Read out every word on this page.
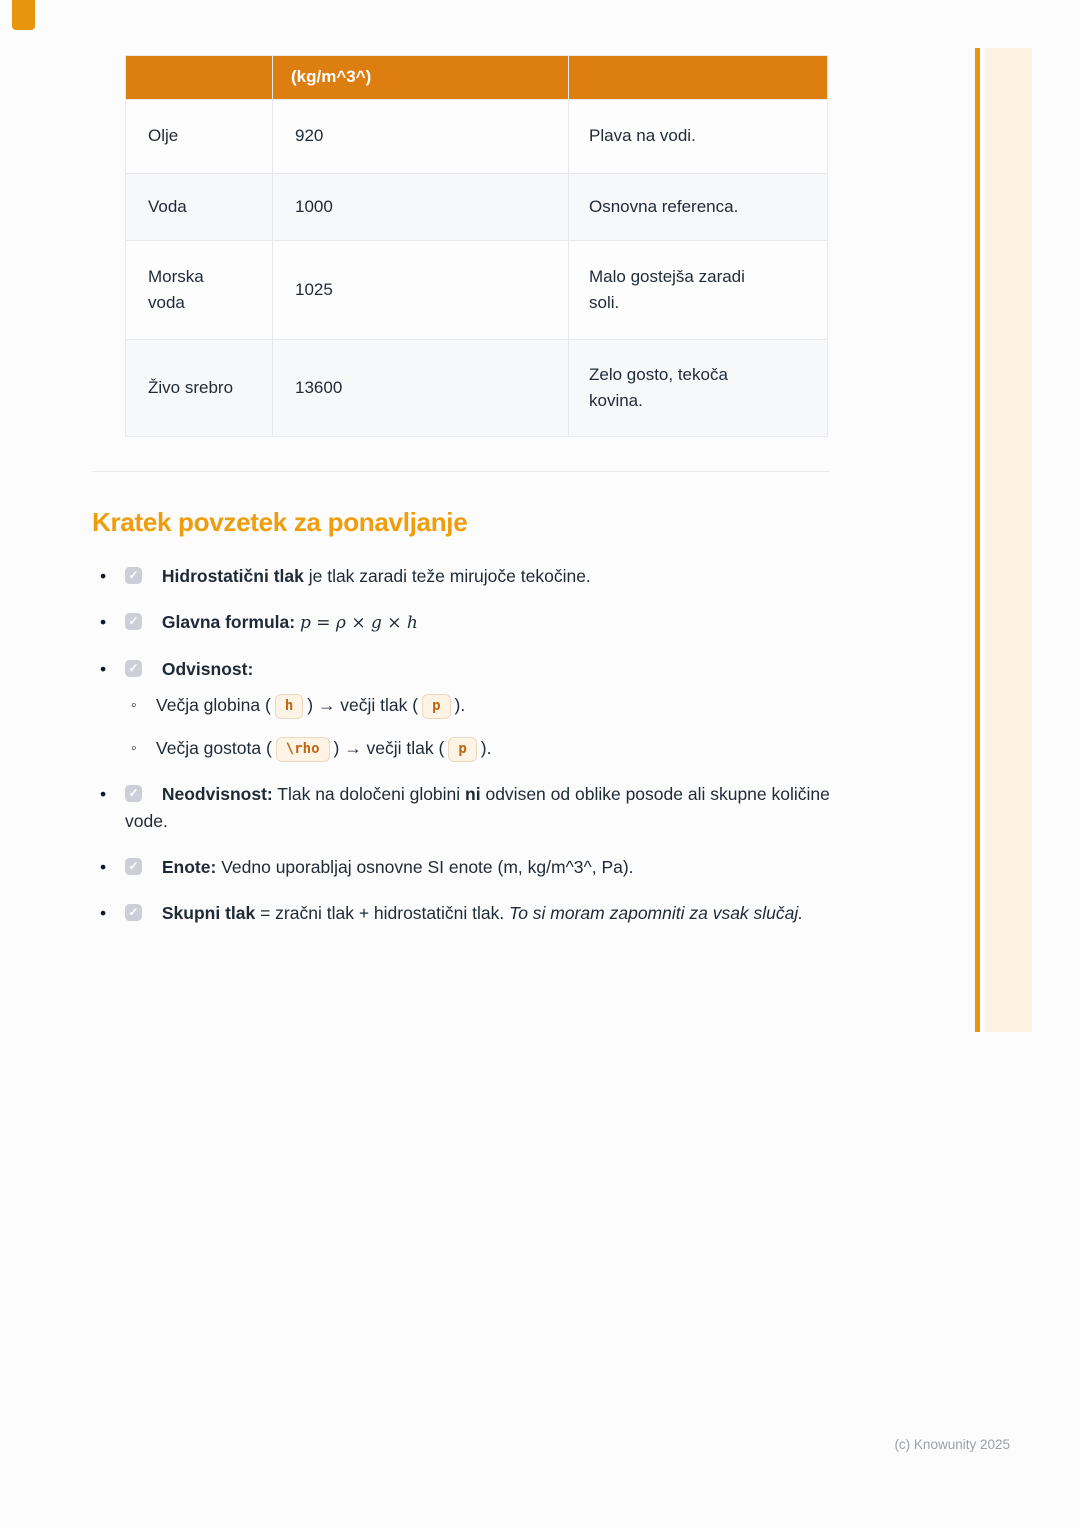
	(kg/m^3^)	
Olje	920	Plava na vodi.
Voda	1000	Osnovna referenca.
Morska voda	1025	Malo gostejša zaradi soli.
Živo srebro	13600	Zelo gosto, tekoča kovina.
Kratek povzetek za ponavljanje
•
✓ Hidrostatični tlak je tlak zaradi teže mirujoče tekočine.
•
✓ Glavna formula: p = ρ × g × h
•
✓ Odvisnost:
◦
Večja globina ( h ) → večji tlak ( p ).
◦
Večja gostota ( \rho ) → večji tlak ( p ).
•
✓ Neodvisnost: Tlak na določeni globini ni odvisen od oblike posode ali skupne količine vode.
•
✓ Enote: Vedno uporabljaj osnovne SI enote (m, kg/m^3^, Pa).
•
✓ Skupni tlak = zračni tlak + hidrostatični tlak. To si moram zapomniti za vsak slučaj.
(c) Knowunity 2025
